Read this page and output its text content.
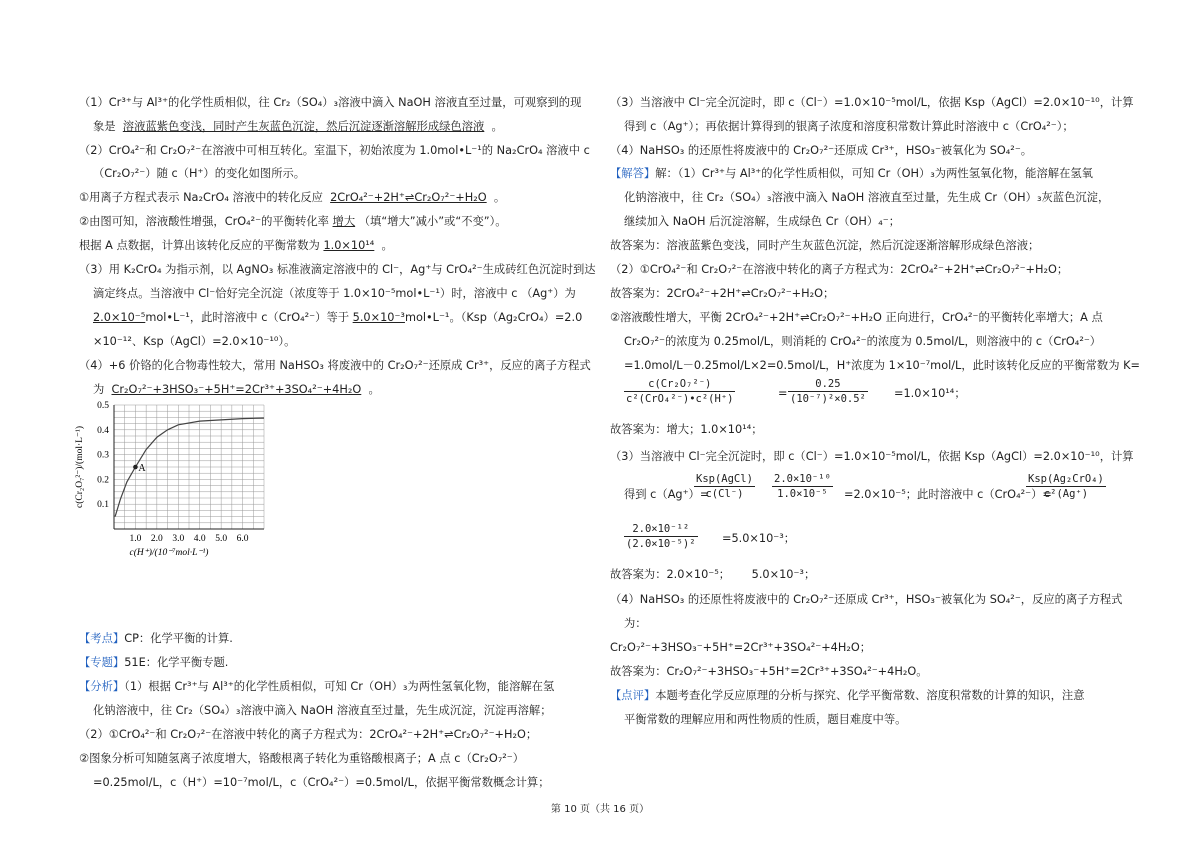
（1）Cr³⁺与 Al³⁺的化学性质相似，往 Cr₂（SO₄）₃溶液中滴入 NaOH 溶液直至过量，可观察到的现
象是 溶液蓝紫色变浅，同时产生灰蓝色沉淀，然后沉淀逐渐溶解形成绿色溶液 。
（2）CrO₄²⁻和 Cr₂O₇²⁻在溶液中可相互转化。室温下，初始浓度为 1.0mol•L⁻¹的 Na₂CrO₄ 溶液中 c
（Cr₂O₇²⁻）随 c（H⁺）的变化如图所示。
①用离子方程式表示 Na₂CrO₄ 溶液中的转化反应 2CrO₄²⁻+2H⁺⇌Cr₂O₇²⁻+H₂O 。
②由图可知，溶液酸性增强，CrO₄²⁻的平衡转化率 增大 （填“增大”减小”或“不变”）。
根据 A 点数据，计算出该转化反应的平衡常数为 1.0×10¹⁴ 。
（3）用 K₂CrO₄ 为指示剂，以 AgNO₃ 标准液滴定溶液中的 Cl⁻，Ag⁺与 CrO₄²⁻生成砖红色沉淀时到达
滴定终点。当溶液中 Cl⁻恰好完全沉淀（浓度等于 1.0×10⁻⁵mol•L⁻¹）时，溶液中 c （Ag⁺）为
2.0×10⁻⁵mol•L⁻¹，此时溶液中 c（CrO₄²⁻）等于 5.0×10⁻³mol•L⁻¹。（Ksp（Ag₂CrO₄）=2.0
×10⁻¹²、Ksp（AgCl）=2.0×10⁻¹⁰）。
（4）+6 价铬的化合物毒性较大，常用 NaHSO₃ 将废液中的 Cr₂O₇²⁻还原成 Cr³⁺，反应的离子方程式
为 Cr₂O₇²⁻+3HSO₃⁻+5H⁺=2Cr³⁺+3SO₄²⁻+4H₂O 。
【考点】CP：化学平衡的计算.
【专题】51E：化学平衡专题.
【分析】（1）根据 Cr³⁺与 Al³⁺的化学性质相似，可知 Cr（OH）₃为两性氢氧化物，能溶解在氢
化钠溶液中，往 Cr₂（SO₄）₃溶液中滴入 NaOH 溶液直至过量，先生成沉淀，沉淀再溶解；
（2）①CrO₄²⁻和 Cr₂O₇²⁻在溶液中转化的离子方程式为：2CrO₄²⁻+2H⁺⇌Cr₂O₇²⁻+H₂O；
②图象分析可知随氢离子浓度增大，铬酸根离子转化为重铬酸根离子；A 点 c（Cr₂O₇²⁻）
=0.25mol/L，c（H⁺）=10⁻⁷mol/L，c（CrO₄²⁻）=0.5mol/L，依据平衡常数概念计算；
1.0 2.0 3.0 4.0 5.0 6.0
0.1
0.2
0.3
0.4
0.5
A
c(H⁺)/(10⁻⁷mol·L⁻¹)
c(Cr₂O₇²⁻)/(mol·L⁻¹)
（3）当溶液中 Cl⁻完全沉淀时，即 c（Cl⁻）=1.0×10⁻⁵mol/L，依据 Ksp（AgCl）=2.0×10⁻¹⁰，计算
得到 c（Ag⁺）；再依据计算得到的银离子浓度和溶度积常数计算此时溶液中 c（CrO₄²⁻）；
（4）NaHSO₃ 的还原性将废液中的 Cr₂O₇²⁻还原成 Cr³⁺，HSO₃⁻被氧化为 SO₄²⁻。
【解答】解：（1）Cr³⁺与 Al³⁺的化学性质相似，可知 Cr（OH）₃为两性氢氧化物，能溶解在氢氧
化钠溶液中，往 Cr₂（SO₄）₃溶液中滴入 NaOH 溶液直至过量，先生成 Cr（OH）₃灰蓝色沉淀，
继续加入 NaOH 后沉淀溶解，生成绿色 Cr（OH）₄⁻；
故答案为：溶液蓝紫色变浅，同时产生灰蓝色沉淀，然后沉淀逐渐溶解形成绿色溶液；
（2）①CrO₄²⁻和 Cr₂O₇²⁻在溶液中转化的离子方程式为：2CrO₄²⁻+2H⁺⇌Cr₂O₇²⁻+H₂O；
故答案为：2CrO₄²⁻+2H⁺⇌Cr₂O₇²⁻+H₂O；
②溶液酸性增大，平衡 2CrO₄²⁻+2H⁺⇌Cr₂O₇²⁻+H₂O 正向进行，CrO₄²⁻的平衡转化率增大；A 点
Cr₂O₇²⁻的浓度为 0.25mol/L，则消耗的 CrO₄²⁻的浓度为 0.5mol/L，则溶液中的 c（CrO₄²⁻）
=1.0mol/L－0.25mol/L×2=0.5mol/L，H⁺浓度为 1×10⁻⁷mol/L，此时该转化反应的平衡常数为 K=
c(Cr₂O₇²⁻)
c²(CrO₄²⁻)•c²(H⁺)	= $\frac{0.25}{\text{(10⁻⁷)²×0.5²}} =1.0\times 10^{14}$；
故答案为：增大；1.0×10¹⁴；
（3）当溶液中 Cl⁻完全沉淀时，即 c（Cl⁻）=1.0×10⁻⁵mol/L，依据 Ksp（AgCl）=2.0×10⁻¹⁰，计算
得到 c（Ag⁺）=
Ksp(AgCl)
c(Cl⁻)	$\frac{\text{2.0×10⁻¹⁰}}{\text{1.0×10⁻⁵}} =2.0\times 10^{-5}$；此时溶液中 c（CrO₄²⁻）=
Ksp(Ag₂CrO₄)
c²(Ag⁺)
$\frac{\text{2.0×10⁻¹²}}{\text{(2.0×10⁻⁵)²}} =5.0\times 10^{-3}$；
故答案为：2.0×10⁻⁵； 5.0×10⁻³；
（4）NaHSO₃ 的还原性将废液中的 Cr₂O₇²⁻还原成 Cr³⁺，HSO₃⁻被氧化为 SO₄²⁻，反应的离子方程式
为：
Cr₂O₇²⁻+3HSO₃⁻+5H⁺=2Cr³⁺+3SO₄²⁻+4H₂O；
故答案为：Cr₂O₇²⁻+3HSO₃⁻+5H⁺=2Cr³⁺+3SO₄²⁻+4H₂O。
【点评】本题考查化学反应原理的分析与探究、化学平衡常数、溶度积常数的计算的知识，注意
平衡常数的理解应用和两性物质的性质，题目难度中等。
第 10 页（共 16 页）
